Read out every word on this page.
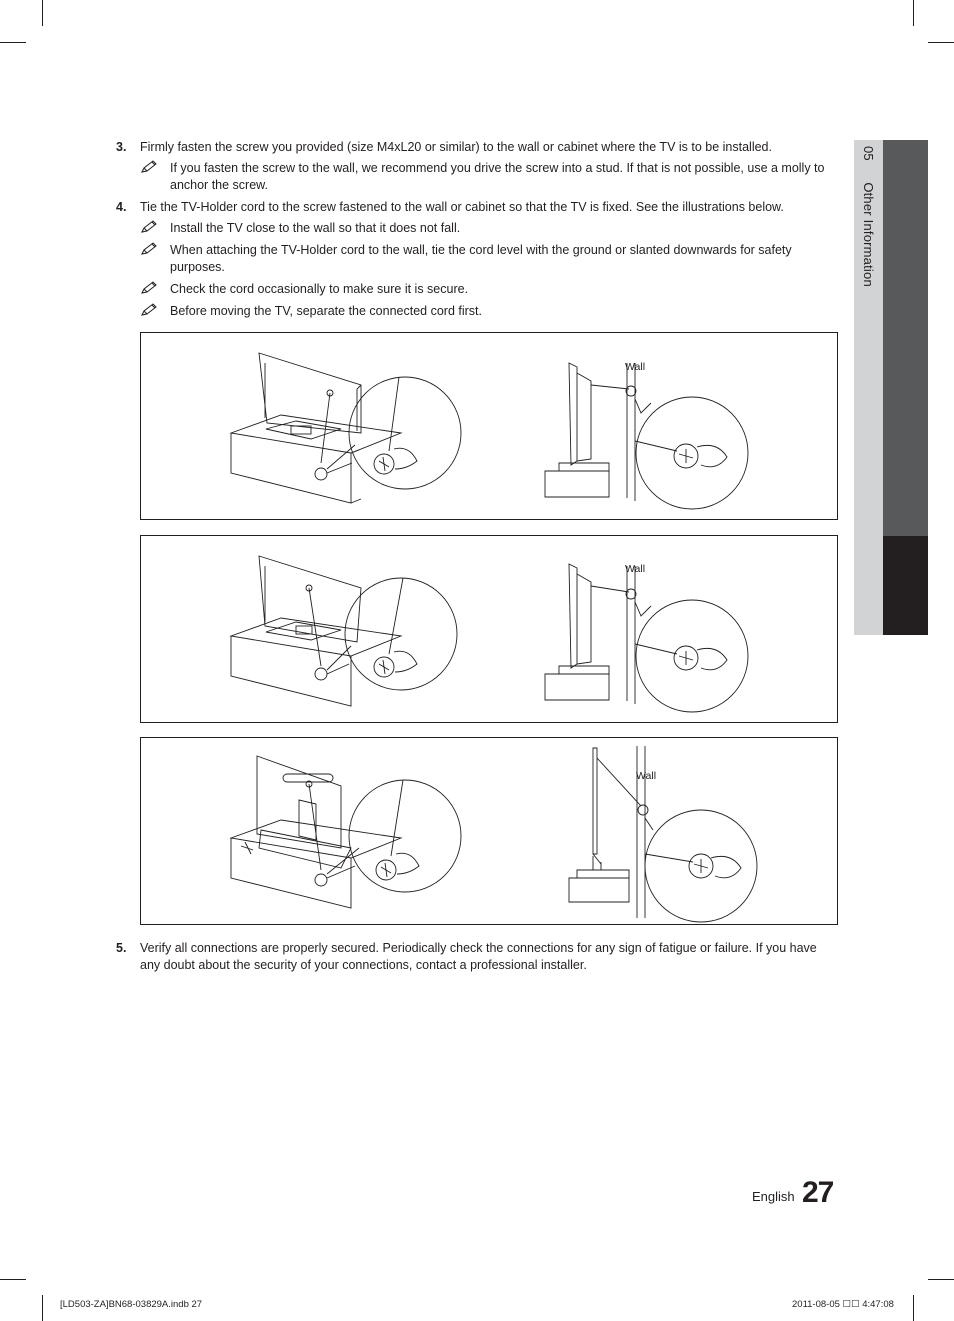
05   Other Information
3. Firmly fasten the screw you provided (size M4xL20 or similar) to the wall or cabinet where the TV is to be installed.
If you fasten the screw to the wall, we recommend you drive the screw into a stud. If that is not possible, use a molly to anchor the screw.
4. Tie the TV-Holder cord to the screw fastened to the wall or cabinet so that the TV is fixed. See the illustrations below.
Install the TV close to the wall so that it does not fall.
When attaching the TV-Holder cord to the wall, tie the cord level with the ground or slanted downwards for safety purposes.
Check the cord occasionally to make sure it is secure.
Before moving the TV, separate the connected cord first.
Wall
Wall
Wall
5. Verify all connections are properly secured. Periodically check the connections for any sign of fatigue or failure. If you have any doubt about the security of your connections, contact a professional installer.
English 27
[LD503-ZA]BN68-03829A.indb 27	2011-08-05 ☐☐ 4:47:08
